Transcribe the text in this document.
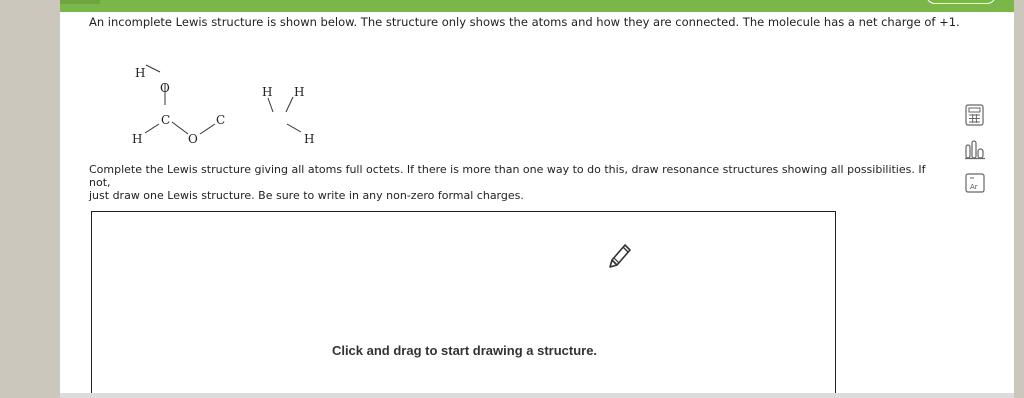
An incomplete Lewis structure is shown below. The structure only shows the atoms and how they are connected. The molecule has a net charge of +1.

H
O
C
H	O
C
H H
H
Complete the Lewis structure giving all atoms full octets. If there is more than one way to do this, draw resonance structures showing all possibilities. If not,
just draw one Lewis structure. Be sure to write in any non-zero formal charges.
Click and drag to start drawing a structure.
Ar
